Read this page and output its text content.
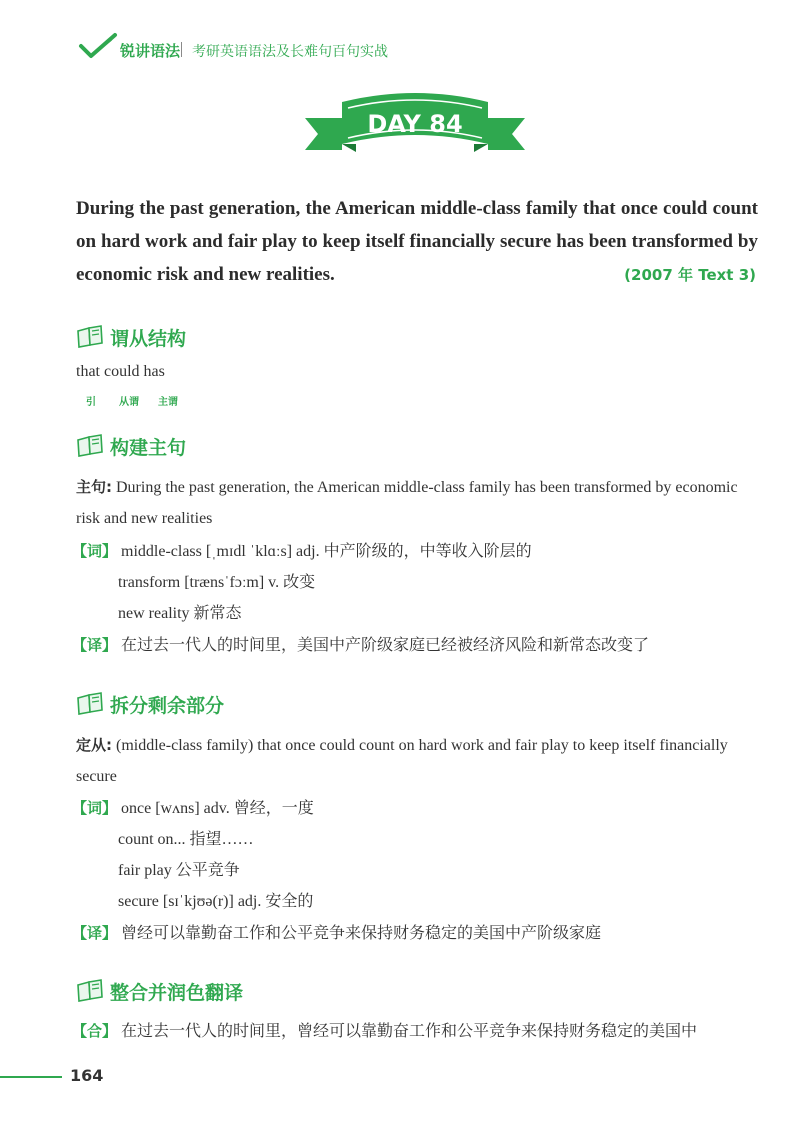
锐讲语法 考研英语语法及长难句百句实战
DAY 84
During the past generation, the American middle-class family that once could count on hard work and fair play to keep itself financially secure has been transformed by economic risk and new realities.	(2007 年 Text 3)
谓从结构
that could has
引 从谓 主谓
构建主句
主句: During the past generation, the American middle-class family has been transformed by economic risk and new realities
【词】 middle-class [ˌmɪdl ˈklɑːs] adj. 中产阶级的，中等收入阶层的
transform [trænsˈfɔːm] v. 改变
new reality 新常态
【译】 在过去一代人的时间里，美国中产阶级家庭已经被经济风险和新常态改变了
拆分剩余部分
定从: (middle-class family) that once could count on hard work and fair play to keep itself financially secure
【词】 once [wʌns] adv. 曾经，一度
count on... 指望……
fair play 公平竞争
secure [sɪˈkjʊə(r)] adj. 安全的
【译】 曾经可以靠勤奋工作和公平竞争来保持财务稳定的美国中产阶级家庭
整合并润色翻译
【合】 在过去一代人的时间里，曾经可以靠勤奋工作和公平竞争来保持财务稳定的美国中
164
